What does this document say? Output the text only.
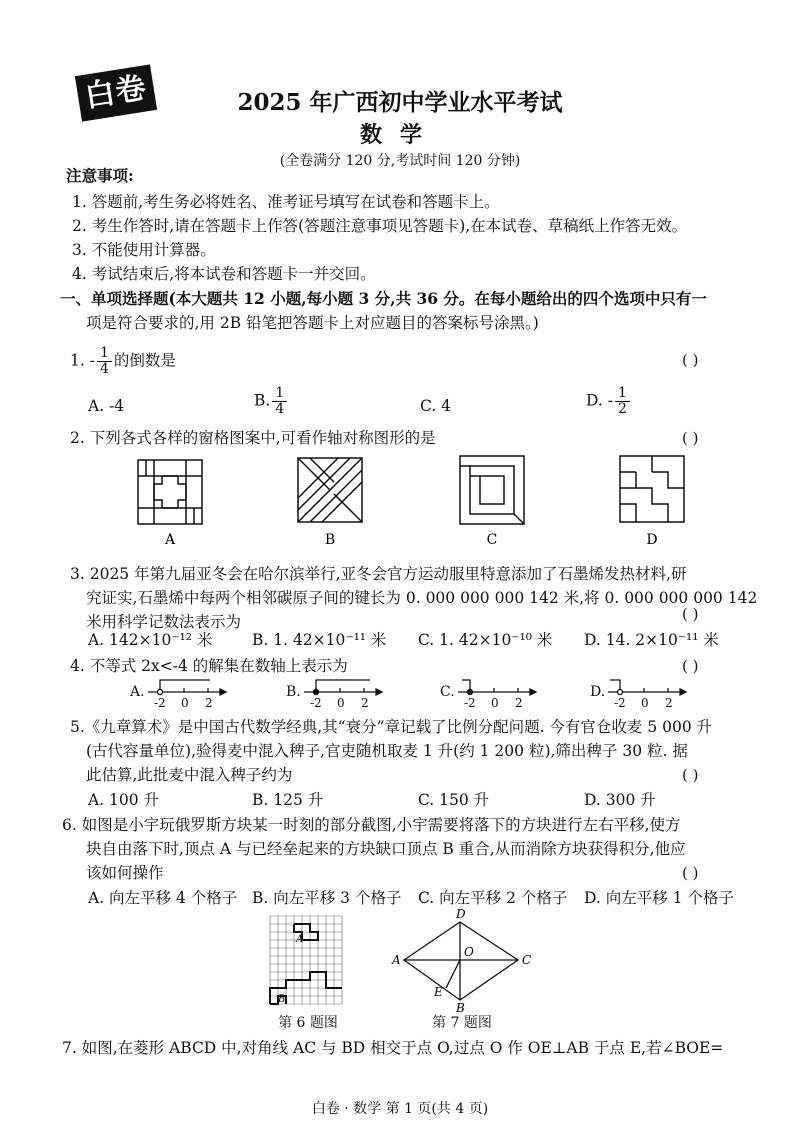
白卷	2025 年广西初中学业水平考试
数学
(全卷满分 120 分,考试时间 120 分钟)
注意事项:
1. 答题前,考生务必将姓名、准考证号填写在试卷和答题卡上。
2. 考生作答时,请在答题卡上作答(答题注意事项见答题卡),在本试卷、草稿纸上作答无效。
3. 不能使用计算器。
4. 考试结束后,将本试卷和答题卡一并交回。
一、单项选择题(本大题共 12 小题,每小题 3 分,共 36 分。在每小题给出的四个选项中只有一
项是符合要求的,用 2B 铅笔把答题卡上对应题目的答案标号涂黑。)
1. - $\frac{1}{4}$ 的倒数是	( )
A. -4	B. $\frac{1}{4}$	C. 4	D. - $\frac{1}{2}$
2. 下列各式各样的窗格图案中,可看作轴对称图形的是	( )
A	B	C	D
3. 2025 年第九届亚冬会在哈尔滨举行,亚冬会官方运动服里特意添加了石墨烯发热材料,研
究证实,石墨烯中每两个相邻碳原子间的键长为 0. 000 000 000 142 米,将 0. 000 000 000 142
米用科学记数法表示为	( )
A. 142×10⁻¹² 米	B. 1. 42×10⁻¹¹ 米 C. 1. 42×10⁻¹⁰ 米 D. 14. 2×10⁻¹¹ 米
4. 不等式 2x<-4 的解集在数轴上表示为	( )
A.
-2 0 2
B.
-2 0 2
C.
-2 0 2
D.
-2 0 2
5.《九章算术》是中国古代数学经典,其“衰分”章记载了比例分配问题. 今有官仓收麦 5 000 升
(古代容量单位),验得麦中混入稗子,官吏随机取麦 1 升(约 1 200 粒),筛出稗子 30 粒. 据
此估算,此批麦中混入稗子约为	( )
A. 100 升	B. 125 升	C. 150 升	D. 300 升
6. 如图是小宇玩俄罗斯方块某一时刻的部分截图,小宇需要将落下的方块进行左右平移,使方
块自由落下时,顶点 A 与已经垒起来的方块缺口顶点 B 重合,从而消除方块获得积分,他应
该如何操作	( )
A. 向左平移 4 个格子 B. 向左平移 3 个格子 C. 向左平移 2 个格子 D. 向左平移 1 个格子
A
B
第 6 题图
D
A	C
O
E
B
第 7 题图
7. 如图,在菱形 ABCD 中,对角线 AC 与 BD 相交于点 O,过点 O 作 OE⊥AB 于点 E,若∠BOE=
白卷 · 数学 第 1 页(共 4 页)
